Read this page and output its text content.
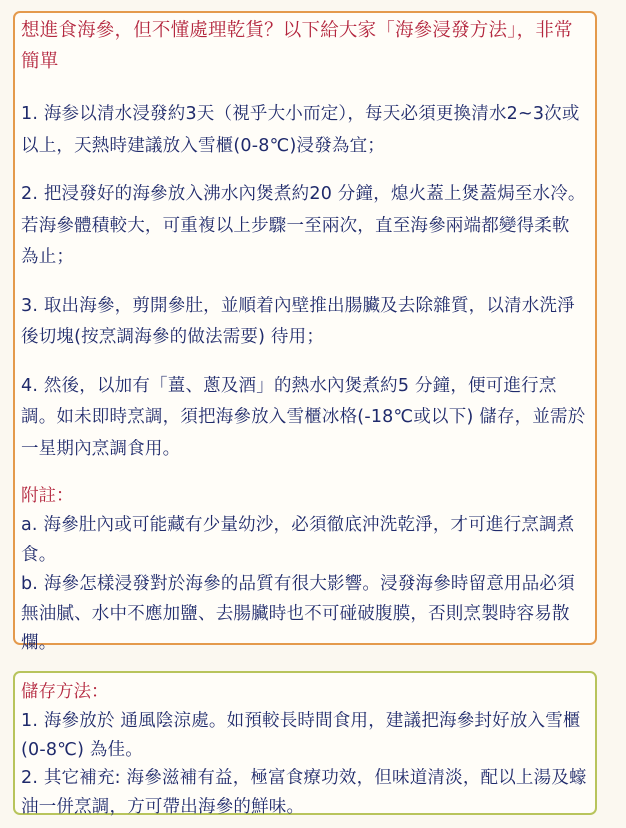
想進食海參，但不懂處理乾貨？以下給大家「海參浸發方法」，非常簡單
1. 海参以清水浸發約3天（視乎大小而定），每天必須更換清水2~3次或以上，天熱時建議放入雪櫃(0-8℃)浸發為宜；
2. 把浸發好的海參放入沸水內煲煮約20 分鐘，熄火蓋上煲蓋焗至水冷。若海參體積較大，可重複以上步驟一至兩次，直至海參兩端都變得柔軟為止；
3. 取出海參，剪開參肚，並順着內壁推出腸臟及去除雜質，以清水洗淨後切塊(按烹調海參的做法需要) 待用；
4. 然後，以加有「薑、蔥及酒」的熱水內煲煮約5 分鐘，便可進行烹調。如未即時烹調，須把海參放入雪櫃冰格(-18℃或以下) 儲存，並需於一星期內烹調食用。
附註：
a. 海參肚內或可能藏有少量幼沙，必須徹底沖洗乾淨，才可進行烹調煮食。
b. 海參怎樣浸發對於海參的品質有很大影響。浸發海參時留意用品必須無油膩、水中不應加鹽、去腸臟時也不可碰破腹膜，否則烹製時容易散爛。
儲存方法：
1. 海參放於 通風陰涼處。如預較長時間食用，建議把海參封好放入雪櫃(0-8℃) 為佳。
2. 其它補充: 海參滋補有益，極富食療功效，但味道清淡，配以上湯及蠔油一併烹調，方可帶出海參的鮮味。
